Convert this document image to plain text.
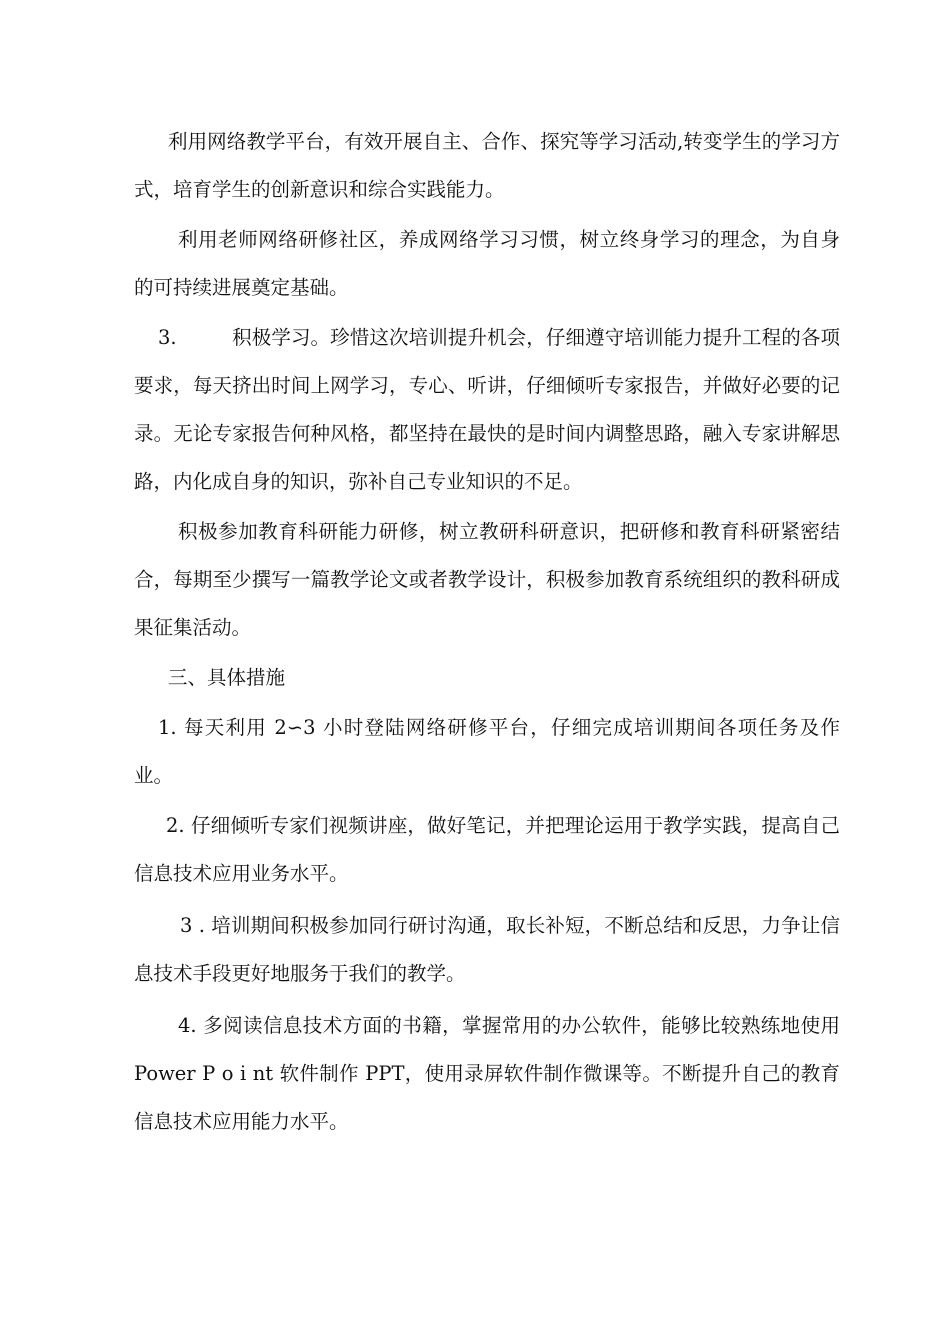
利用网络教学平台，有效开展自主、合作、探究等学习活动,转变学生的学习方式，培育学生的创新意识和综合实践能力。

利用老师网络研修社区，养成网络学习习惯，树立终身学习的理念，为自身的可持续进展奠定基础。

3.	积极学习。珍惜这次培训提升机会，仔细遵守培训能力提升工程的各项要求，每天挤出时间上网学习，专心、听讲，仔细倾听专家报告，并做好必要的记录。无论专家报告何种风格，都坚持在最快的是时间内调整思路，融入专家讲解思路，内化成自身的知识，弥补自己专业知识的不足。

积极参加教育科研能力研修，树立教研科研意识，把研修和教育科研紧密结合，每期至少撰写一篇教学论文或者教学设计，积极参加教育系统组织的教科研成果征集活动。

三、具体措施

1. 每天利用 2∽3 小时登陆网络研修平台，仔细完成培训期间各项任务及作业。

2. 仔细倾听专家们视频讲座，做好笔记，并把理论运用于教学实践，提高自己信息技术应用业务水平。

3 . 培训期间积极参加同行研讨沟通，取长补短，不断总结和反思，力争让信息技术手段更好地服务于我们的教学。

4. 多阅读信息技术方面的书籍，掌握常用的办公软件，能够比较熟练地使用 Power P o i nt 软件制作 PPT，使用录屏软件制作微课等。不断提升自己的教育信息技术应用能力水平。
